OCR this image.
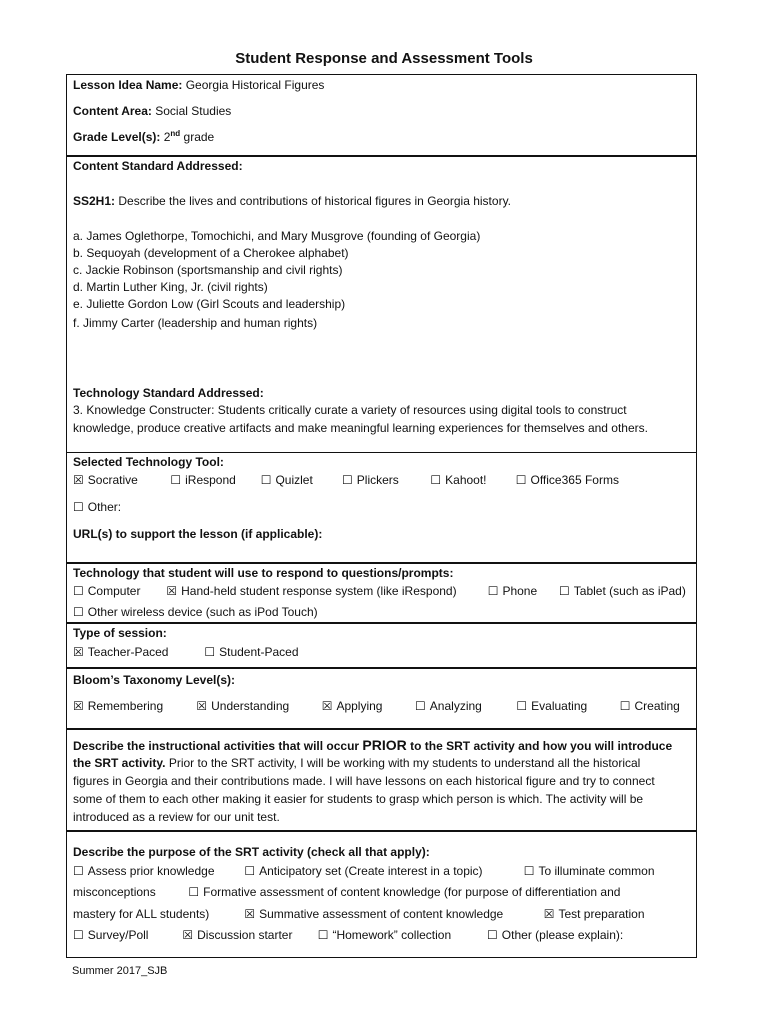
Student Response and Assessment Tools
Lesson Idea Name: Georgia Historical Figures
Content Area: Social Studies
Grade Level(s): 2nd grade
Content Standard Addressed:
SS2H1: Describe the lives and contributions of historical figures in Georgia history.
a. James Oglethorpe, Tomochichi, and Mary Musgrove (founding of Georgia)
b. Sequoyah (development of a Cherokee alphabet)
c. Jackie Robinson (sportsmanship and civil rights)
d. Martin Luther King, Jr. (civil rights)
e. Juliette Gordon Low (Girl Scouts and leadership)
f. Jimmy Carter (leadership and human rights)
Technology Standard Addressed:
3. Knowledge Constructer: Students critically curate a variety of resources using digital tools to construct
knowledge, produce creative artifacts and make meaningful learning experiences for themselves and others.
Selected Technology Tool:
☒ Socrative	☐ iRespond ☐ Quizlet ☐ Plickers	☐ Kahoot! ☐ Office365 Forms
☐ Other:
URL(s) to support the lesson (if applicable):
Technology that student will use to respond to questions/prompts:
☐ Computer ☒ Hand-held student response system (like iRespond)	☐ Phone ☐ Tablet (such as iPad)
☐ Other wireless device (such as iPod Touch)
Type of session:
☒ Teacher-Paced	☐ Student-Paced
Bloom’s Taxonomy Level(s):
☒ Remembering	☒ Understanding	☒ Applying	☐ Analyzing	☐ Evaluating	☐ Creating
Describe the instructional activities that will occur PRIOR to the SRT activity and how you will introduce
the SRT activity. Prior to the SRT activity, I will be working with my students to understand all the historical
figures in Georgia and their contributions made. I will have lessons on each historical figure and try to connect
some of them to each other making it easier for students to grasp which person is which. The activity will be
introduced as a review for our unit test.
Describe the purpose of the SRT activity (check all that apply):
☐ Assess prior knowledge ☐ Anticipatory set (Create interest in a topic)	☐ To illuminate common
misconceptions	☐ Formative assessment of content knowledge (for purpose of differentiation and
mastery for ALL students)	☒ Summative assessment of content knowledge	☒ Test preparation
☐ Survey/Poll	☒ Discussion starter ☐ “Homework” collection	☐ Other (please explain):
Summer 2017_SJB
